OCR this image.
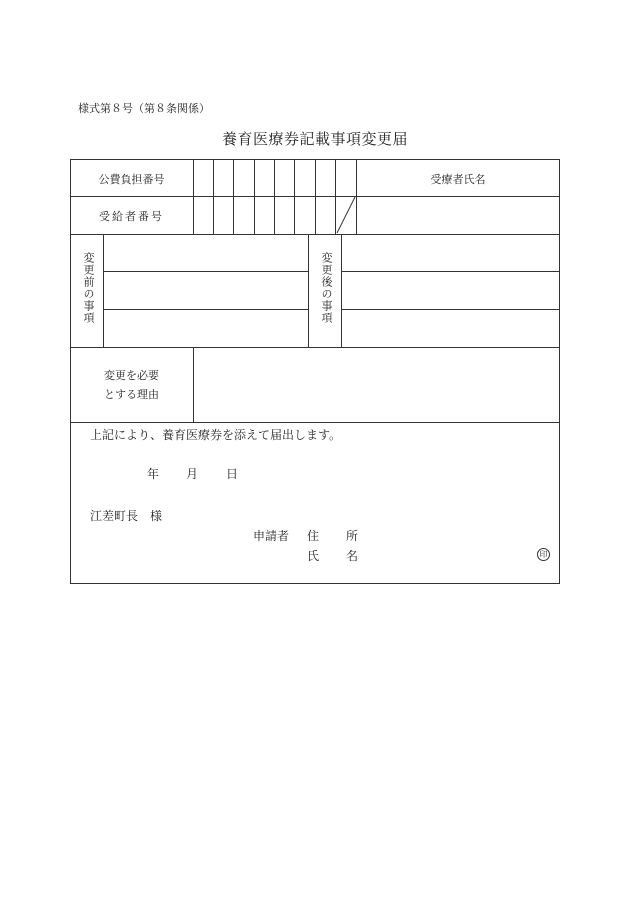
様式第８号（第８条関係）
養育医療券記載事項変更届
公費負担番号	受療者氏名
受給者番号
変更前の事項	変更後の事項
変更を必要
とする理由
上記により、養育医療券を添えて届出します。
年 月 日
江差町長　様
申請者 住 所
氏 名	印
